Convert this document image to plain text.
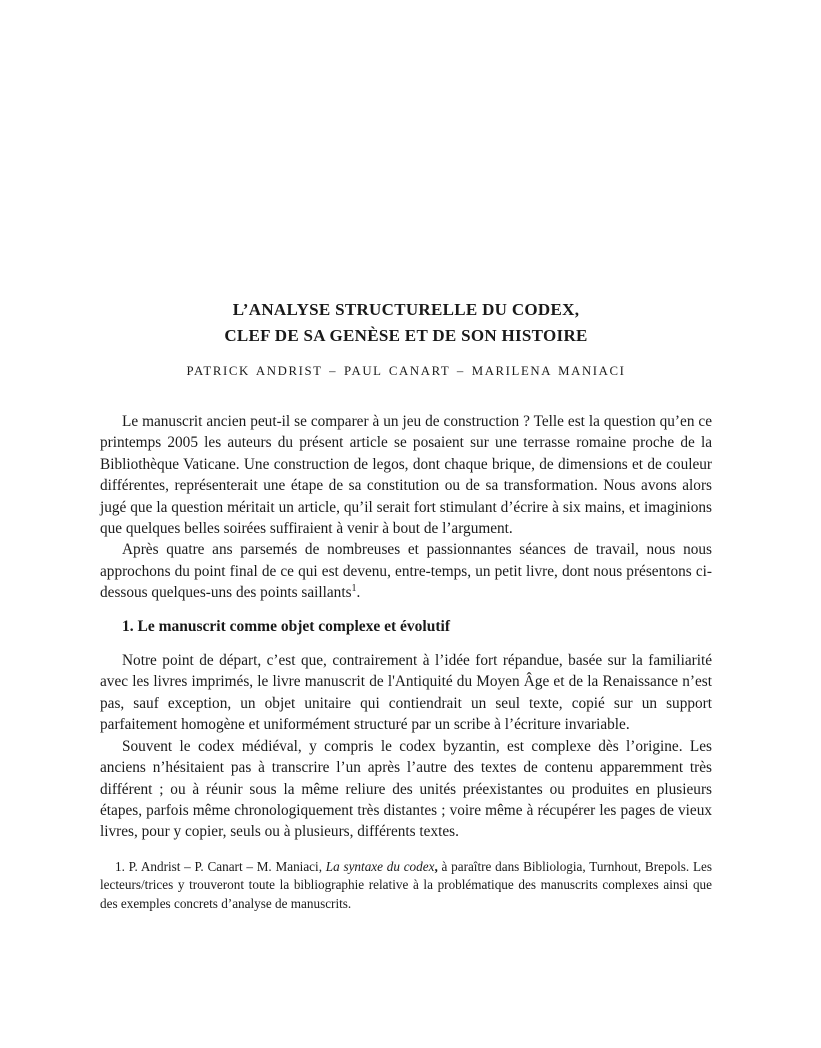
L’ANALYSE STRUCTURELLE DU CODEX,
CLEF DE SA GENÈSE ET DE SON HISTOIRE
PATRICK ANDRIST – PAUL CANART – MARILENA MANIACI

Le manuscrit ancien peut-il se comparer à un jeu de construction ? Telle est la question qu’en ce printemps 2005 les auteurs du présent article se posaient sur une terrasse romaine proche de la Bibliothèque Vaticane. Une construction de legos, dont chaque brique, de dimensions et de couleur différentes, représenterait une étape de sa constitution ou de sa transformation. Nous avons alors jugé que la question méritait un article, qu’il serait fort stimulant d’écrire à six mains, et imaginions que quelques belles soirées suffiraient à venir à bout de l’argument.

Après quatre ans parsemés de nombreuses et passionnantes séances de travail, nous nous approchons du point final de ce qui est devenu, entre-temps, un petit livre, dont nous présentons ci-dessous quelques-uns des points saillants$^1$.

1. Le manuscrit comme objet complexe et évolutif

Notre point de départ, c’est que, contrairement à l’idée fort répandue, basée sur la familiarité avec les livres imprimés, le livre manuscrit de l'Antiquité du Moyen Âge et de la Renaissance n’est pas, sauf exception, un objet unitaire qui contiendrait un seul texte, copié sur un support parfaitement homogène et uniformément structuré par un scribe à l’écriture invariable.

Souvent le codex médiéval, y compris le codex byzantin, est complexe dès l’origine. Les anciens n’hésitaient pas à transcrire l’un après l’autre des textes de contenu apparemment très différent ; ou à réunir sous la même reliure des unités préexistantes ou produites en plusieurs étapes, parfois même chronologiquement très distantes ; voire même à récupérer les pages de vieux livres, pour y copier, seuls ou à plusieurs, différents textes.

1. P. Andrist – P. Canart – M. Maniaci, La syntaxe du codex, à paraître dans Bibliologia, Turnhout, Brepols. Les lecteurs/trices y trouveront toute la bibliographie relative à la problématique des manuscrits complexes ainsi que des exemples concrets d’analyse de manuscrits.
